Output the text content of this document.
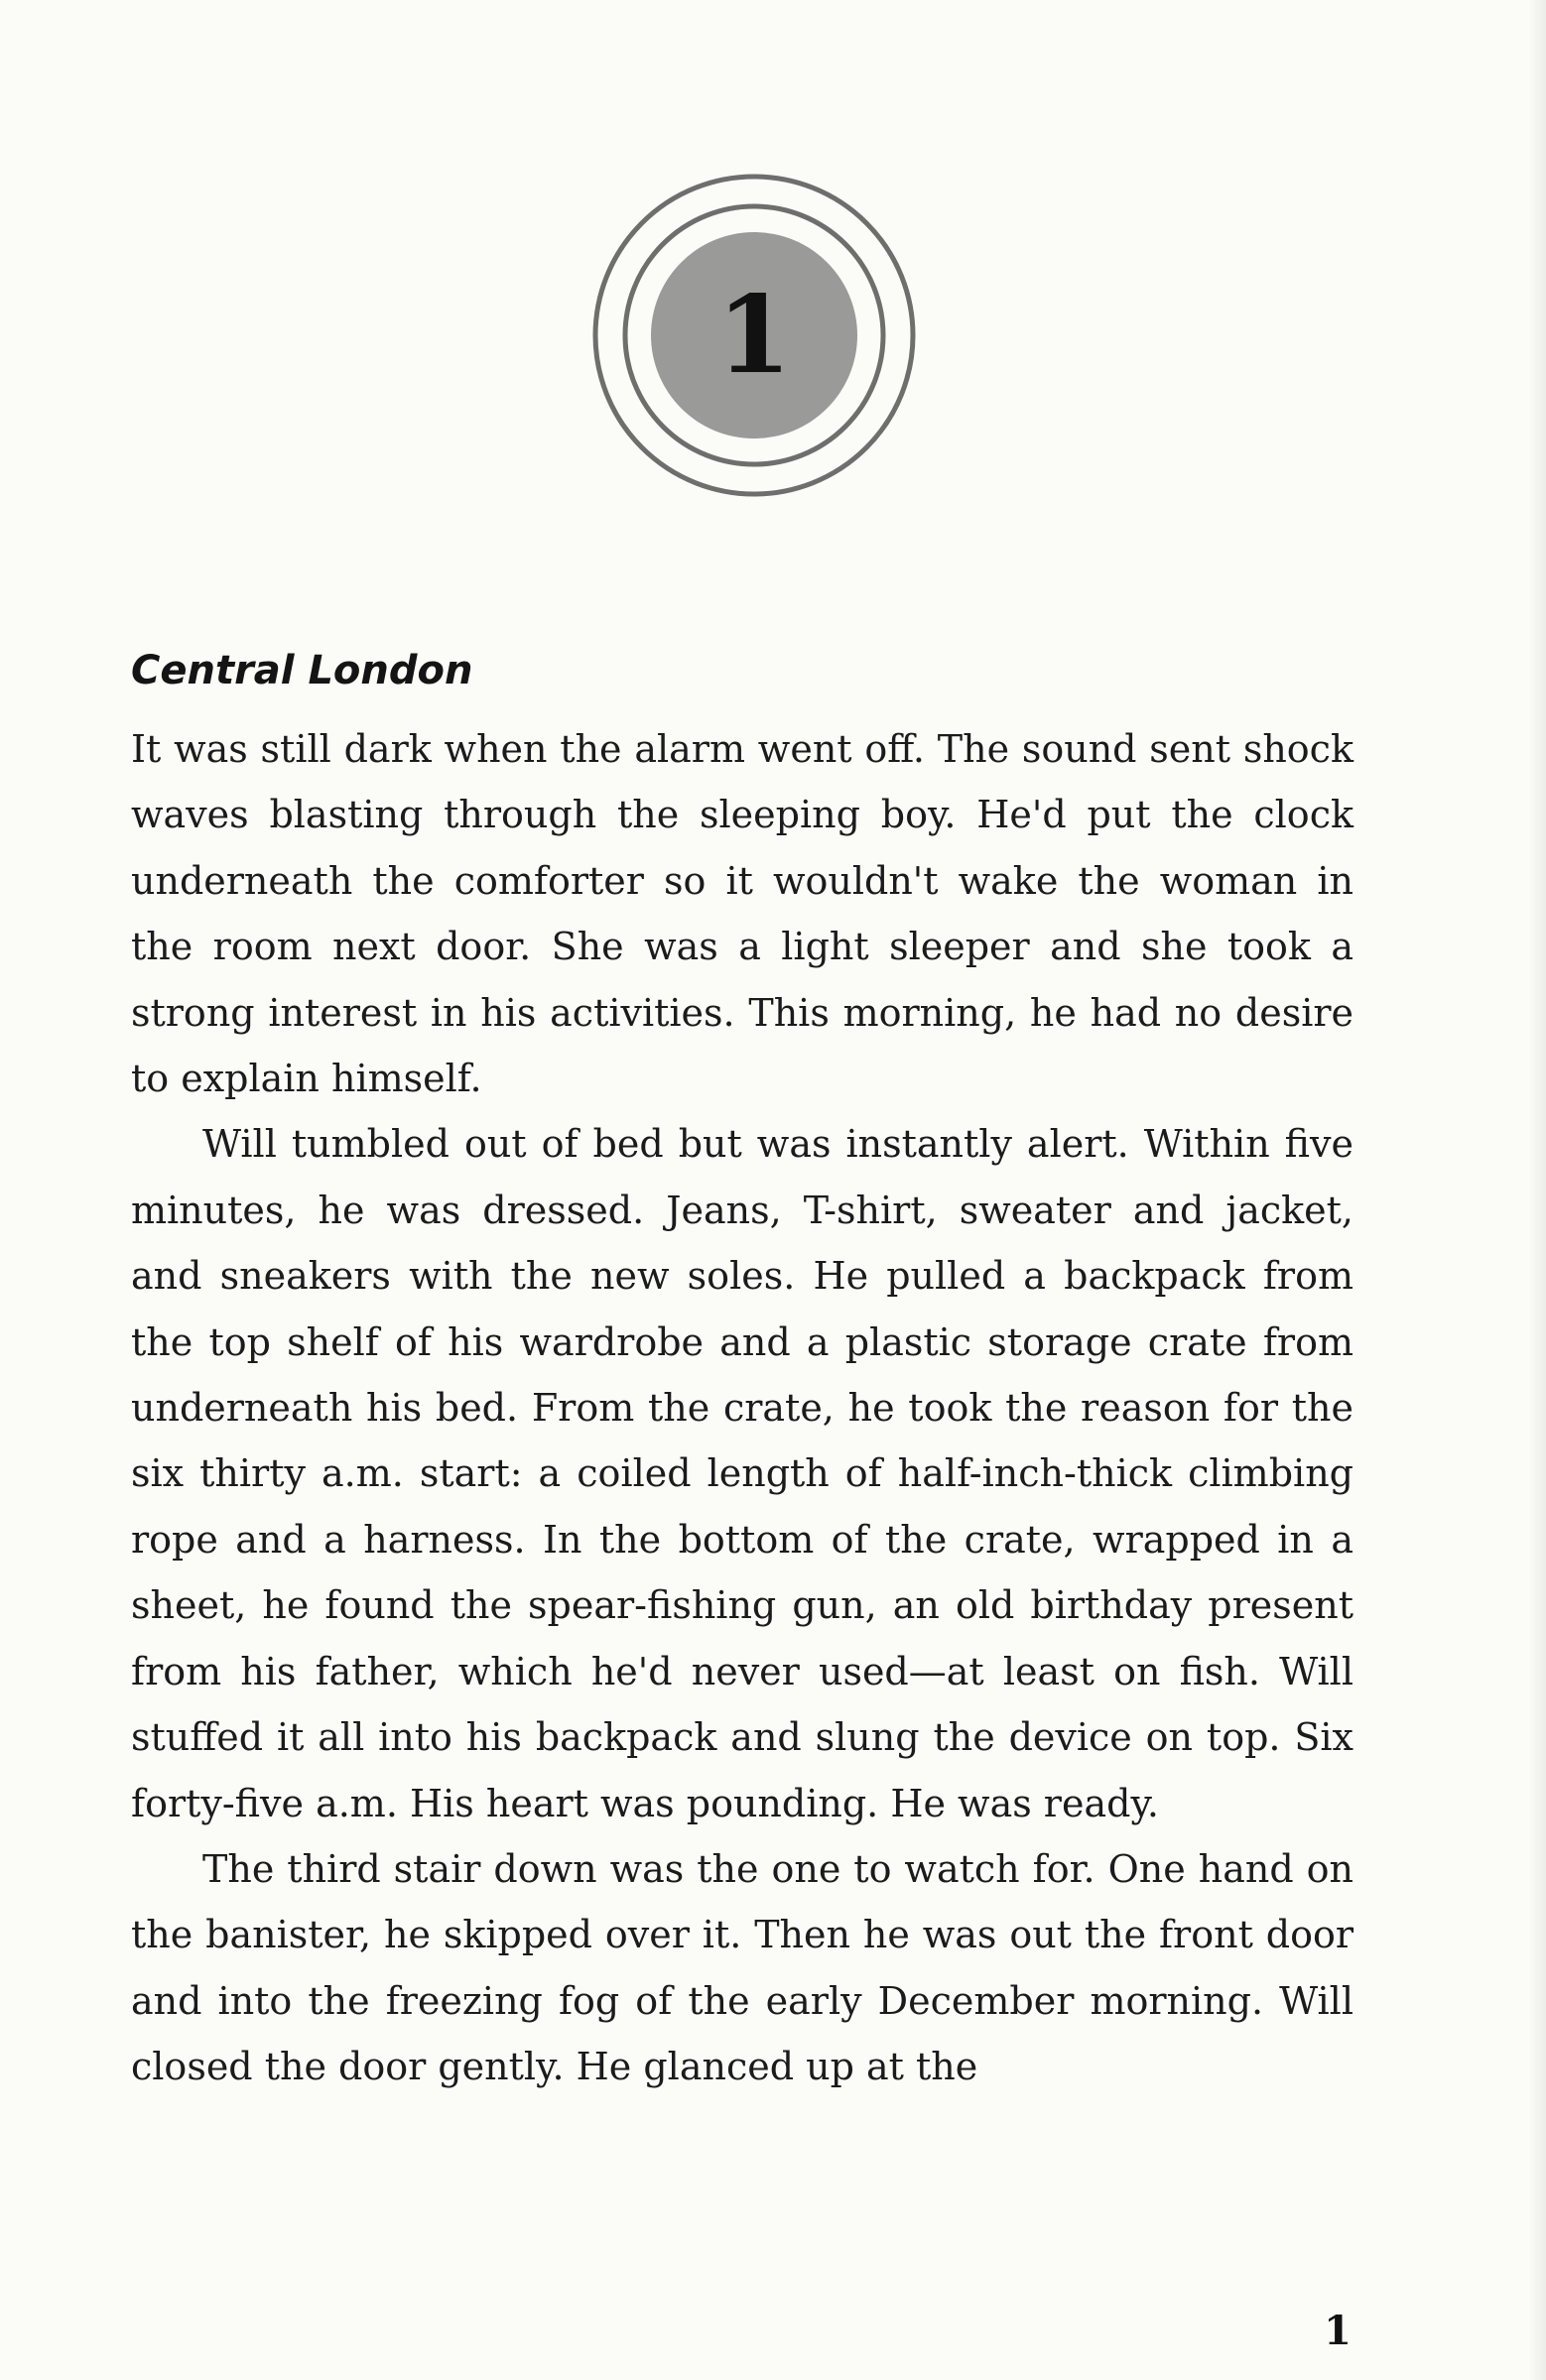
1
Central London

It was still dark when the alarm went off. The sound sent shock waves blasting through the sleeping boy. He'd put the clock underneath the comforter so it wouldn't wake the woman in the room next door. She was a light sleeper and she took a strong interest in his activities. This morning, he had no desire to explain himself.

Will tumbled out of bed but was instantly alert. Within five minutes, he was dressed. Jeans, T-shirt, sweater and jacket, and sneakers with the new soles. He pulled a backpack from the top shelf of his wardrobe and a plastic storage crate from underneath his bed. From the crate, he took the reason for the six thirty a.m. start: a coiled length of half-inch-thick climbing rope and a harness. In the bottom of the crate, wrapped in a sheet, he found the spear-fishing gun, an old birthday present from his father, which he'd never used—at least on fish. Will stuffed it all into his backpack and slung the device on top. Six forty-five a.m. His heart was pounding. He was ready.

The third stair down was the one to watch for. One hand on the banister, he skipped over it. Then he was out the front door and into the freezing fog of the early December morning. Will closed the door gently. He glanced up at the

1
